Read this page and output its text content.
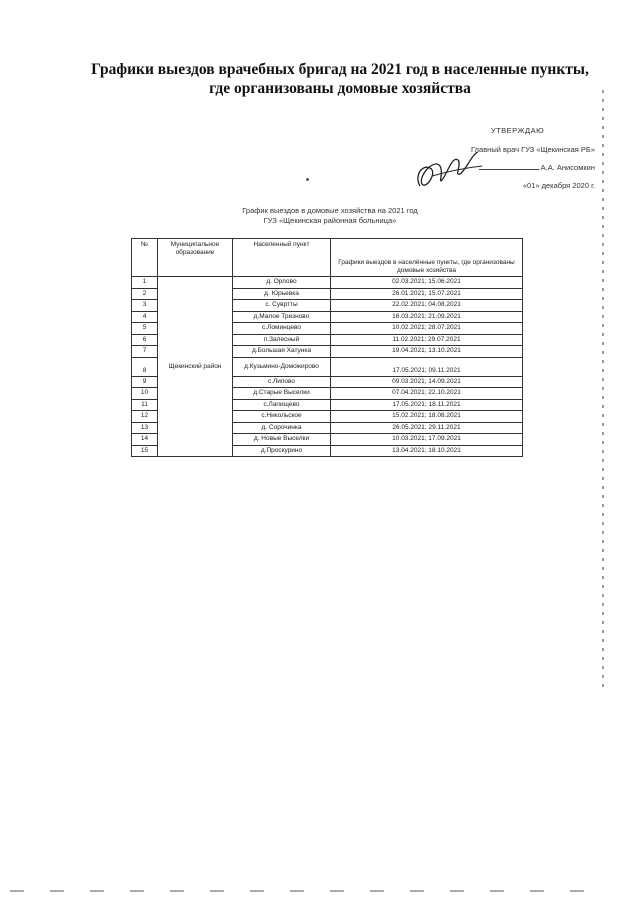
Графики выездов врачебных бригад на 2021 год в населенные пункты,
где организованы домовые хозяйства
УТВЕРЖДАЮ
Главный врач ГУЗ «Щекинская РБ»
А.А. Анисомкин
«01» декабря 2020 г.
График выездов в домовые хозяйства на 2021 год
ГУЗ «Щекинская районная больница»
№	Муниципальное образование	Населенный пункт	Графики выездов в населённые пункты, где организованы домовые хозяйства
1	Щекинский район	д. Орлово	02.03.2021; 15.06.2021
2		д. Юрьевка	26.01.2021; 15.07.2021
3		с. Сувртты	22.02.2021; 04.08.2021
4		д.Малое Тризново	16.03.2021; 21.09.2021
5		с.Ломинцево	10.02.2021; 28.07.2021
6		п.Залесный	11.02.2021; 29.07.2021
7		д.Большая Хатунка	19.04.2021; 13.10.2021
8		д.Кузьмино-Доможирово	17.05.2021; 09.11.2021
9		с.Липово	09.03.2021; 14.09.2021
10		д.Старые Выселки	07.04.2021; 22.10.2021
11		с.Лапищево	17.05.2021; 18.11.2021
12		с.Никольское	15.02.2021; 18.08.2021
13		д. Сорочинка	26.05.2021; 29.11.2021
14		д. Новые Выселки	10.03.2021; 17.09.2021
15		д.Проскурино	13.04.2021; 18.10.2021
